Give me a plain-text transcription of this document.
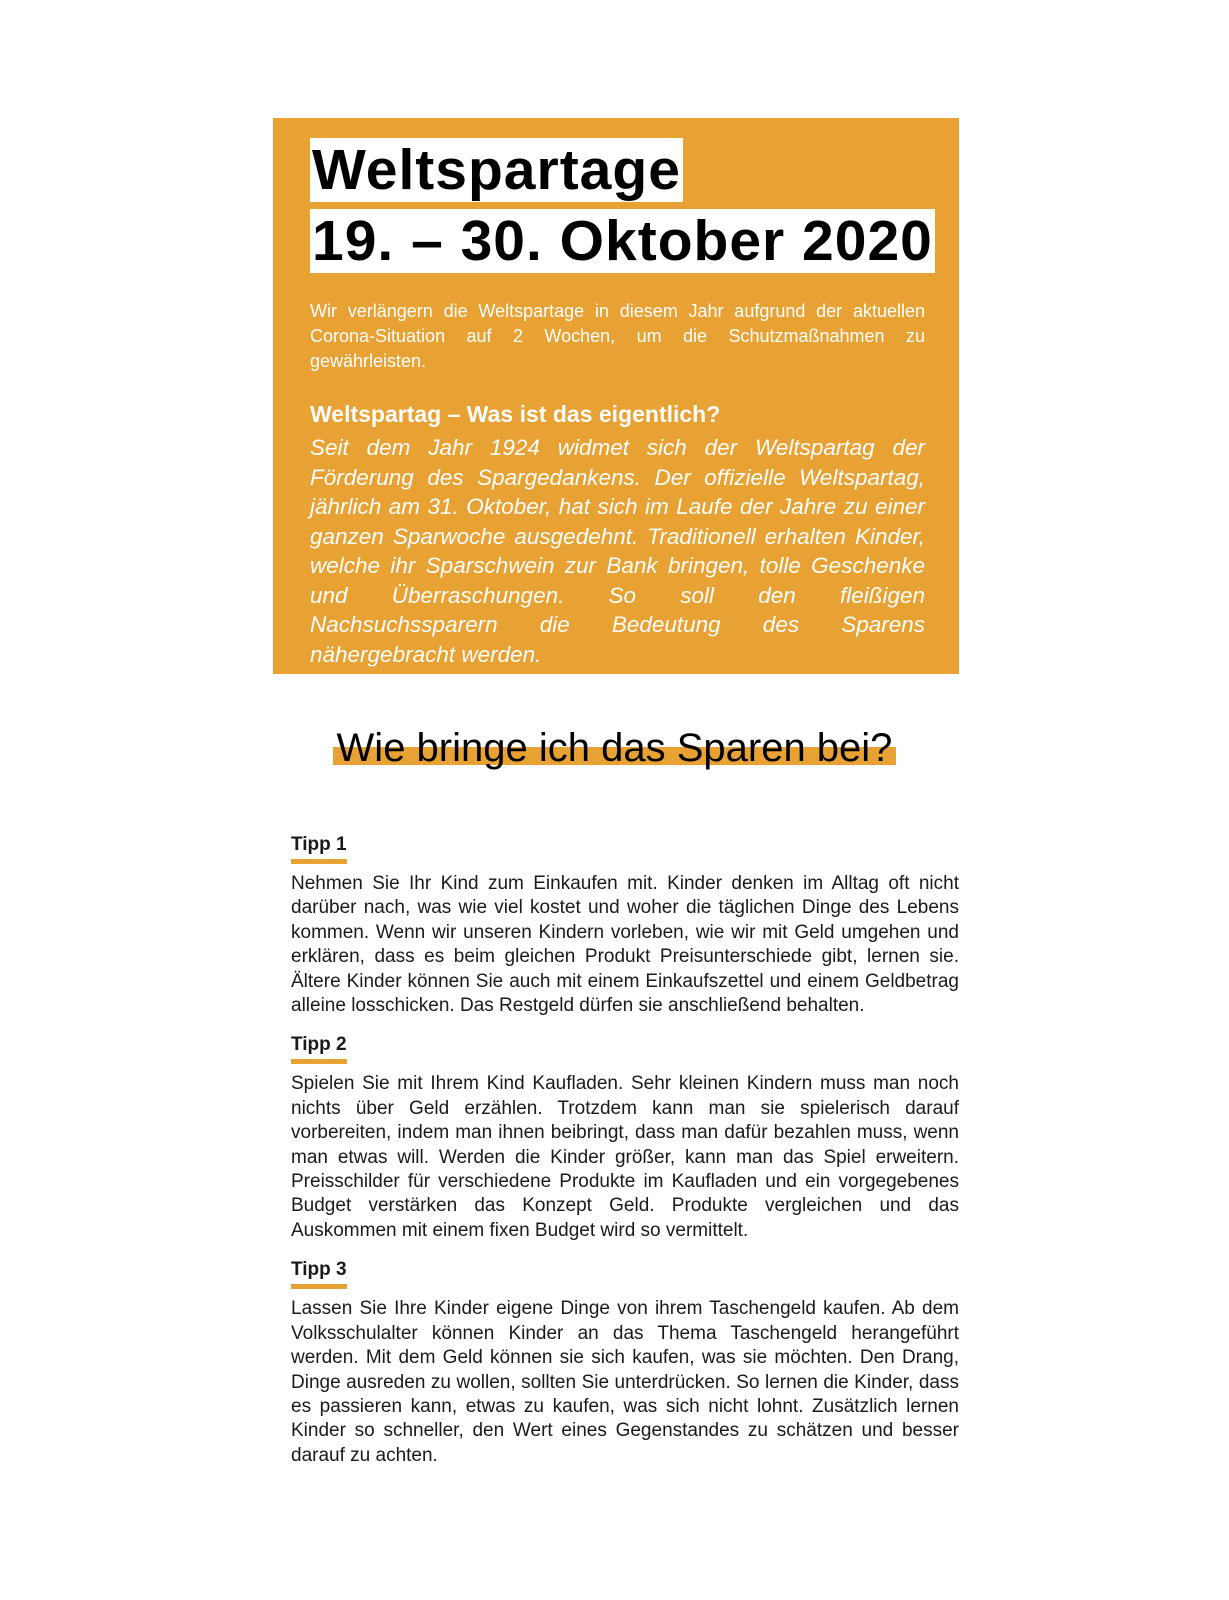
Weltspartage
19. – 30. Oktober 2020

Wir verlängern die Weltspartage in diesem Jahr aufgrund der aktuellen Corona-Situation auf 2 Wochen, um die Schutzmaßnahmen zu gewährleisten.

Weltspartag – Was ist das eigentlich?

Seit dem Jahr 1924 widmet sich der Weltspartag der Förderung des Spargedankens. Der offizielle Weltspartag, jährlich am 31. Oktober, hat sich im Laufe der Jahre zu einer ganzen Sparwoche ausgedehnt. Traditionell erhalten Kinder, welche ihr Sparschwein zur Bank bringen, tolle Geschenke und Überraschungen. So soll den fleißigen Nachsuchssparern die Bedeutung des Sparens nähergebracht werden.

Wie bringe ich das Sparen bei?
Tipp 1

Nehmen Sie Ihr Kind zum Einkaufen mit. Kinder denken im Alltag oft nicht darüber nach, was wie viel kostet und woher die täglichen Dinge des Lebens kommen. Wenn wir unseren Kindern vorleben, wie wir mit Geld umgehen und erklären, dass es beim gleichen Produkt Preisunterschiede gibt, lernen sie. Ältere Kinder können Sie auch mit einem Einkaufszettel und einem Geldbetrag alleine losschicken. Das Restgeld dürfen sie anschließend behalten.

Tipp 2

Spielen Sie mit Ihrem Kind Kaufladen. Sehr kleinen Kindern muss man noch nichts über Geld erzählen. Trotzdem kann man sie spielerisch darauf vorbereiten, indem man ihnen beibringt, dass man dafür bezahlen muss, wenn man etwas will. Werden die Kinder größer, kann man das Spiel erweitern. Preisschilder für verschiedene Produkte im Kaufladen und ein vorgegebenes Budget verstärken das Konzept Geld. Produkte vergleichen und das Auskommen mit einem fixen Budget wird so vermittelt.

Tipp 3

Lassen Sie Ihre Kinder eigene Dinge von ihrem Taschengeld kaufen. Ab dem Volksschulalter können Kinder an das Thema Taschengeld herangeführt werden. Mit dem Geld können sie sich kaufen, was sie möchten. Den Drang, Dinge ausreden zu wollen, sollten Sie unterdrücken. So lernen die Kinder, dass es passieren kann, etwas zu kaufen, was sich nicht lohnt. Zusätzlich lernen Kinder so schneller, den Wert eines Gegenstandes zu schätzen und besser darauf zu achten.
